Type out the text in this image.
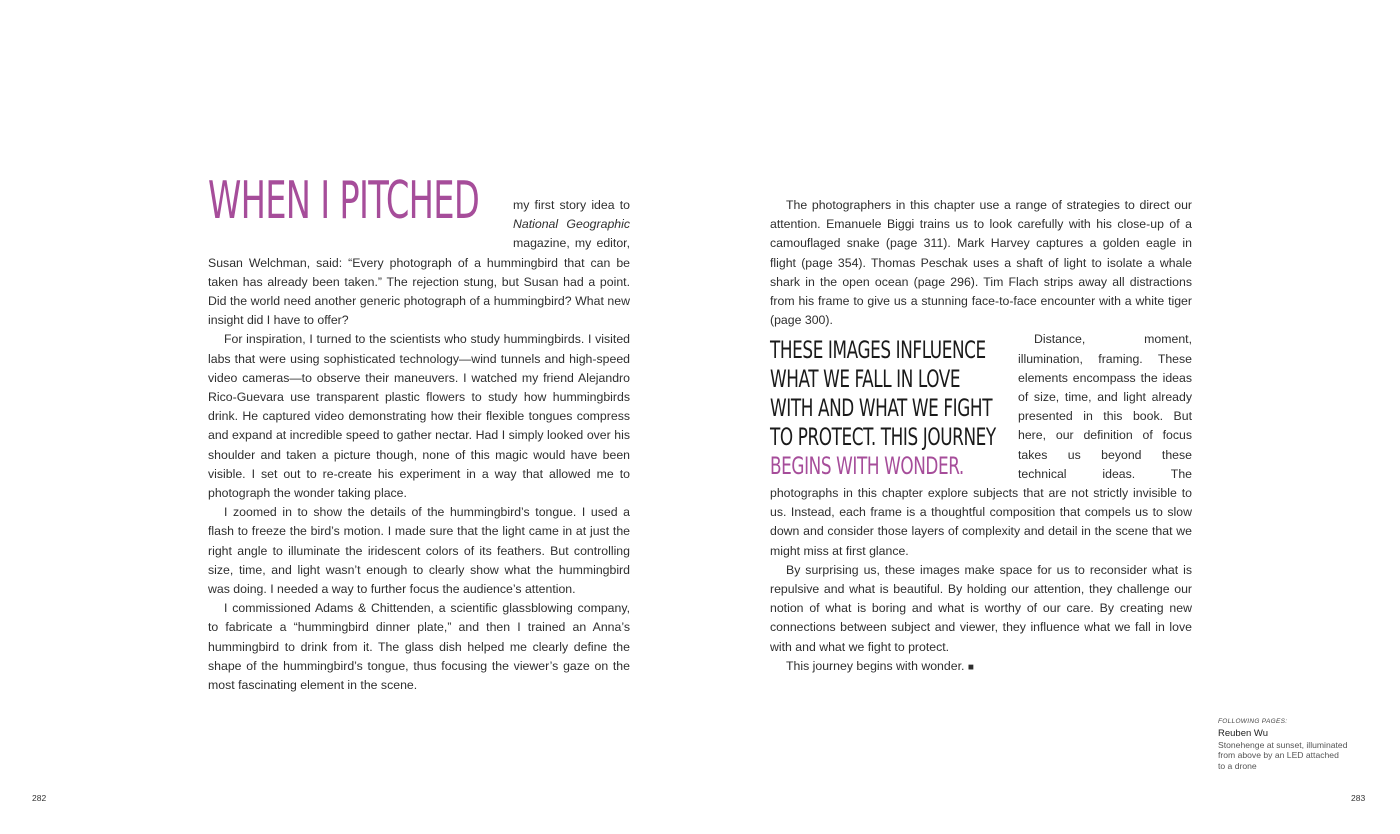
WHEN I PITCHED	my first story idea to National Geographic magazine, my editor, Susan Welchman, said: “Every photograph of a hummingbird that can be taken has already been taken.” The rejection stung, but Susan had a point. Did the world need another generic photograph of a hummingbird? What new insight did I have to offer?

For inspiration, I turned to the scientists who study hummingbirds. I visited labs that were using sophisticated technology—wind tunnels and high-speed video cameras—to observe their maneuvers. I watched my friend Alejandro Rico-Guevara use transparent plastic flowers to study how hummingbirds drink. He captured video demonstrating how their flexible tongues compress and expand at incredible speed to gather nectar. Had I simply looked over his shoulder and taken a picture though, none of this magic would have been visible. I set out to re-create his experiment in a way that allowed me to photograph the wonder taking place.

I zoomed in to show the details of the hummingbird’s tongue. I used a flash to freeze the bird’s motion. I made sure that the light came in at just the right angle to illuminate the iridescent colors of its feathers. But controlling size, time, and light wasn’t enough to clearly show what the hummingbird was doing. I needed a way to further focus the audience’s attention.

I commissioned Adams & Chittenden, a scientific glassblowing company, to fabricate a “hummingbird dinner plate,” and then I trained an Anna’s hummingbird to drink from it. The glass dish helped me clearly define the shape of the hummingbird’s tongue, thus focusing the viewer’s gaze on the most fascinating element in the scene.

The photographers in this chapter use a range of strategies to direct our attention. Emanuele Biggi trains us to look carefully with his close-up of a camouflaged snake (page 311). Mark Harvey captures a golden eagle in flight (page 354). Thomas Peschak uses a shaft of light to isolate a whale shark in the open ocean (page 296). Tim Flach strips away all distractions from his frame to give us a stunning face-to-face encounter with a white tiger (page 300).

THESE IMAGES INFLUENCE WHAT WE FALL IN LOVE WITH AND WHAT WE FIGHT TO PROTECT. THIS JOURNEY BEGINS WITH WONDER.

Distance, moment, illumination, framing. These elements encompass the ideas of size, time, and light already presented in this book. But here, our definition of focus takes us beyond these technical ideas. The photographs in this chapter explore subjects that are not strictly invisible to us. Instead, each frame is a thoughtful composition that compels us to slow down and consider those layers of complexity and detail in the scene that we might miss at first glance.

By surprising us, these images make space for us to reconsider what is repulsive and what is beautiful. By holding our attention, they challenge our notion of what is boring and what is worthy of our care. By creating new connections between subject and viewer, they influence what we fall in love with and what we fight to protect.

This journey begins with wonder. ■

FOLLOWING PAGES:
Reuben Wu
Stonehenge at sunset, illuminated from above by an LED attached to a drone
282	283
